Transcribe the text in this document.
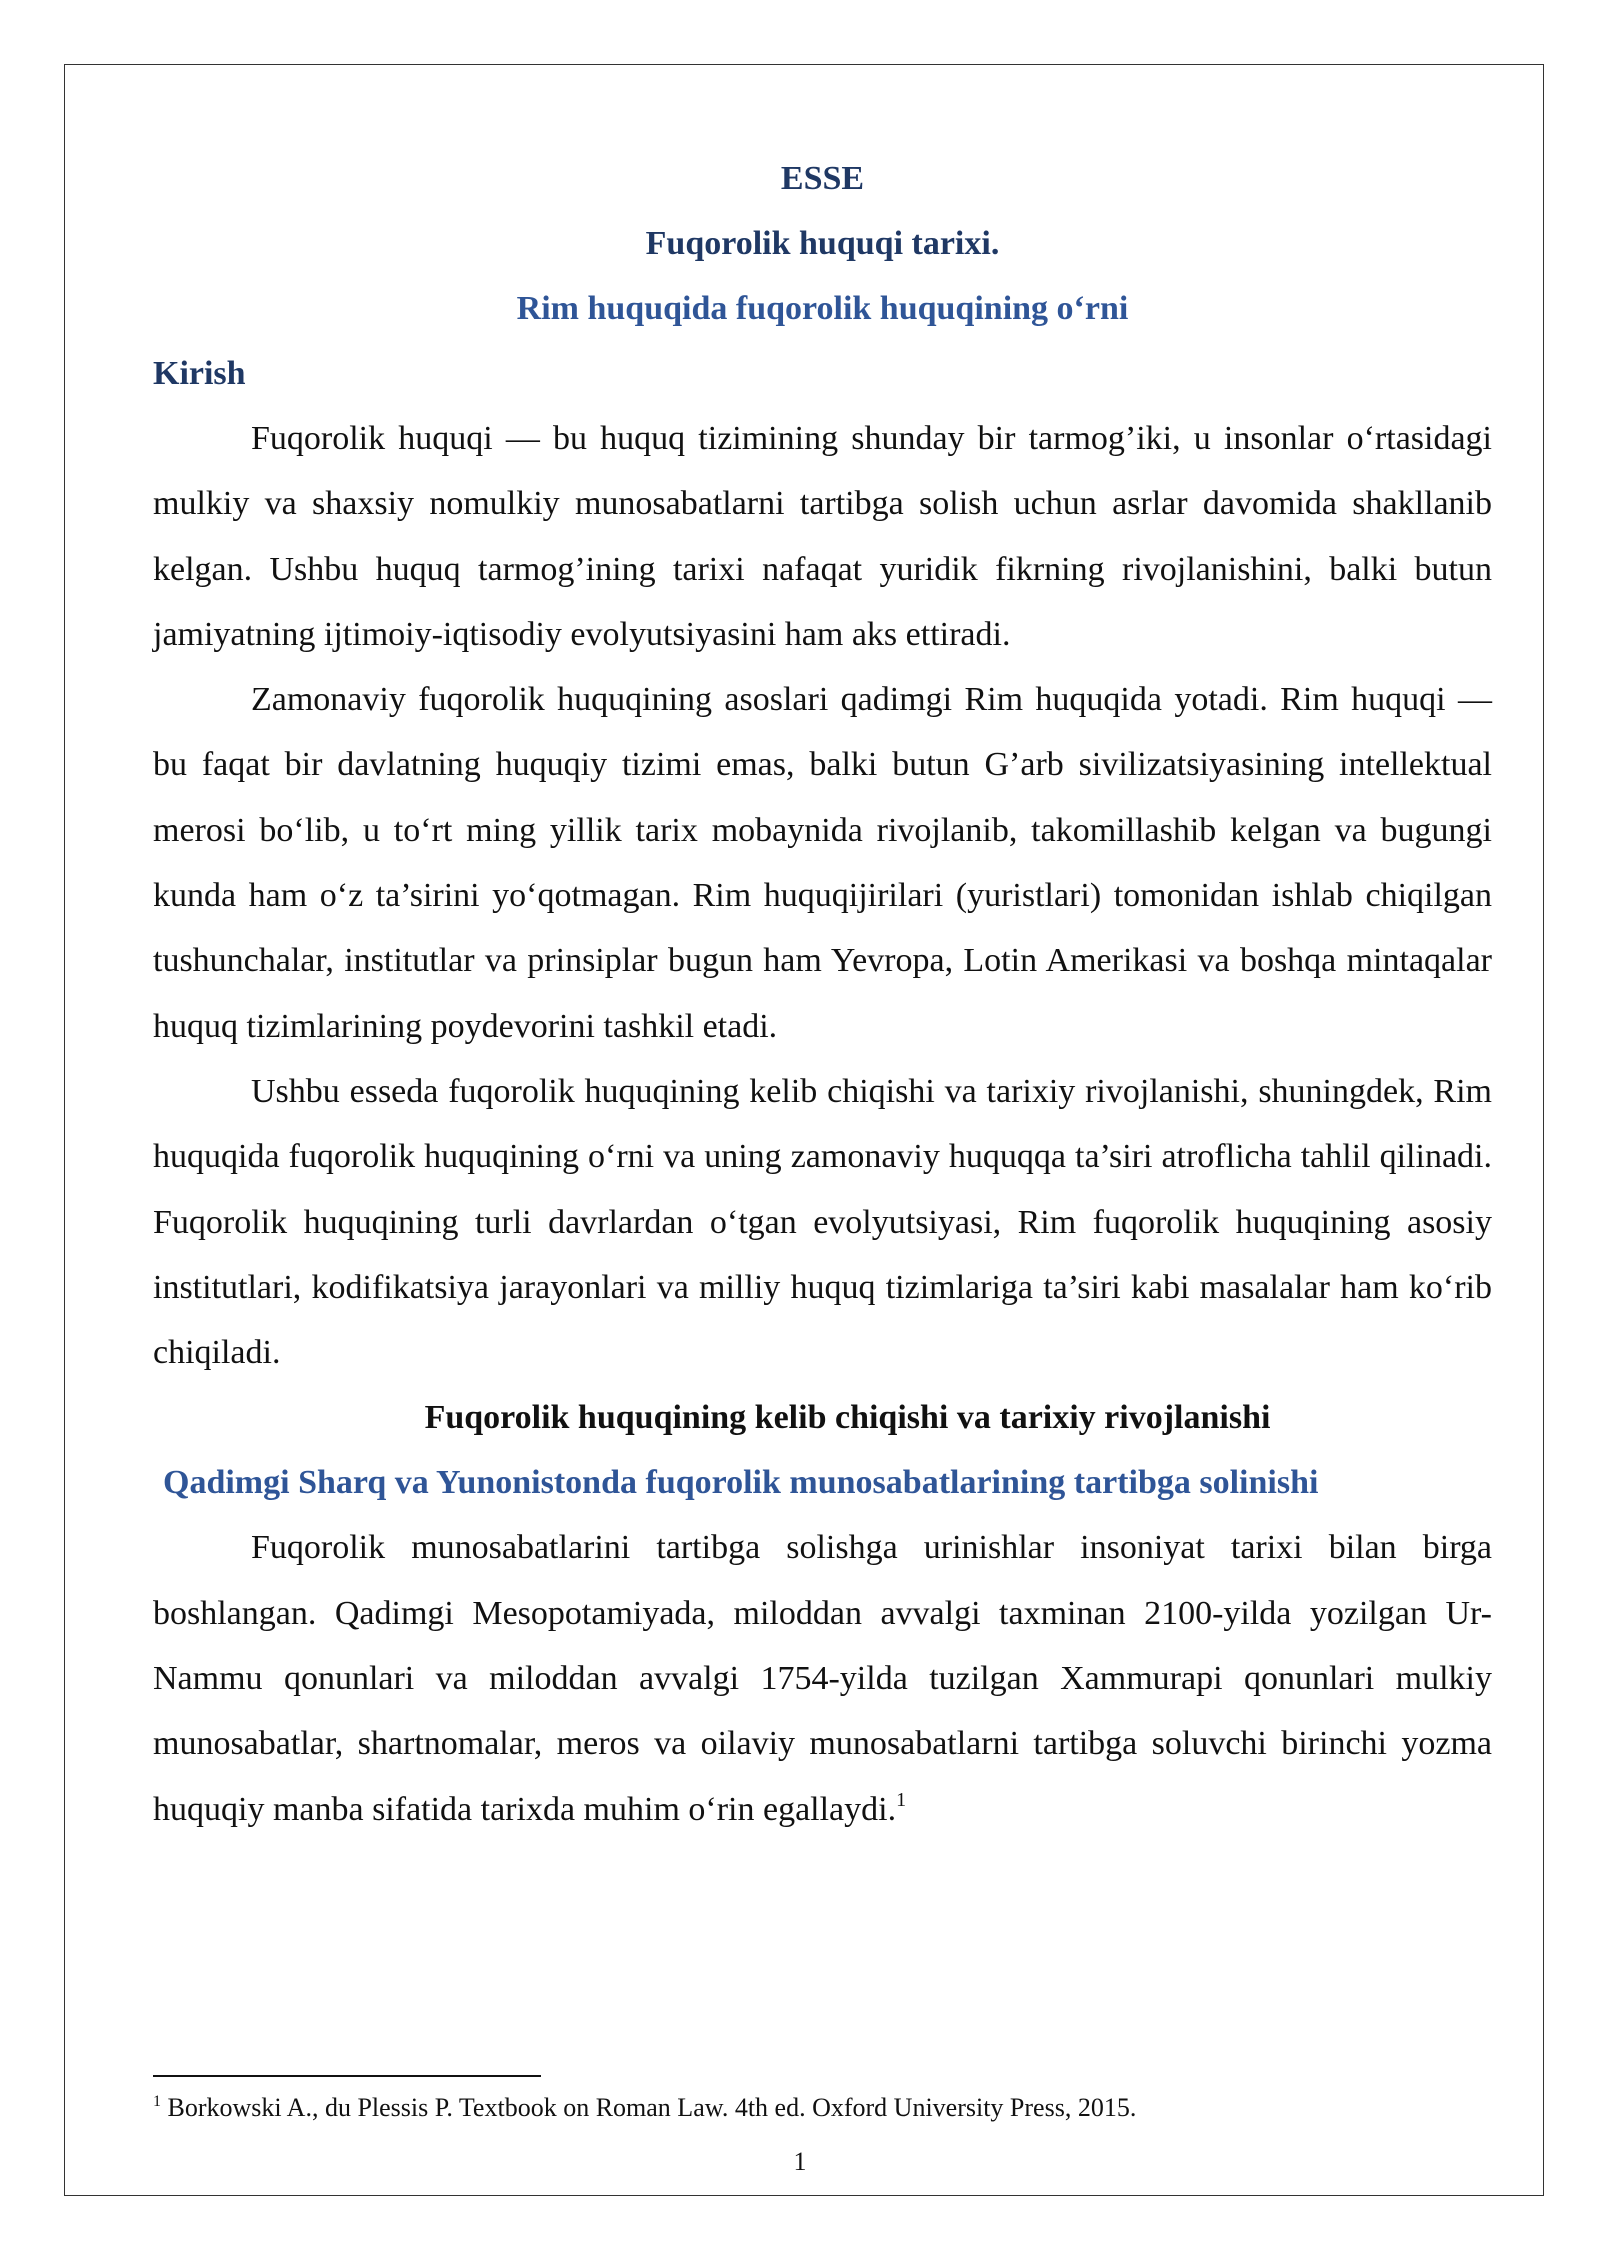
ESSE

Fuqorolik huquqi tarixi.

Rim huquqida fuqorolik huquqining o‘rni

Kirish

Fuqorolik huquqi — bu huquq tizimining shunday bir tarmog’iki, u insonlar o‘rtasidagi mulkiy va shaxsiy nomulkiy munosabatlarni tartibga solish uchun asrlar davomida shakllanib kelgan. Ushbu huquq tarmog’ining tarixi nafaqat yuridik fikrning rivojlanishini, balki butun jamiyatning ijtimoiy-iqtisodiy evolyutsiyasini ham aks ettiradi.

Zamonaviy fuqorolik huquqining asoslari qadimgi Rim huquqida yotadi. Rim huquqi — bu faqat bir davlatning huquqiy tizimi emas, balki butun G’arb sivilizatsiyasining intellektual merosi bo‘lib, u to‘rt ming yillik tarix mobaynida rivojlanib, takomillashib kelgan va bugungi kunda ham o‘z ta’sirini yo‘qotmagan. Rim huquqijirilari (yuristlari) tomonidan ishlab chiqilgan tushunchalar, institutlar va prinsiplar bugun ham Yevropa, Lotin Amerikasi va boshqa mintaqalar huquq tizimlarining poydevorini tashkil etadi.

Ushbu esseda fuqorolik huquqining kelib chiqishi va tarixiy rivojlanishi, shuningdek, Rim huquqida fuqorolik huquqining o‘rni va uning zamonaviy huquqqa ta’siri atroflicha tahlil qilinadi. Fuqorolik huquqining turli davrlardan o‘tgan evolyutsiyasi, Rim fuqorolik huquqining asosiy institutlari, kodifikatsiya jarayonlari va milliy huquq tizimlariga ta’siri kabi masalalar ham ko‘rib chiqiladi.

Fuqorolik huquqining kelib chiqishi va tarixiy rivojlanishi

Qadimgi Sharq va Yunonistonda fuqorolik munosabatlarining tartibga solinishi

Fuqorolik munosabatlarini tartibga solishga urinishlar insoniyat tarixi bilan birga boshlangan. Qadimgi Mesopotamiyada, miloddan avvalgi taxminan 2100-yilda yozilgan Ur-Nammu qonunlari va miloddan avvalgi 1754-yilda tuzilgan Xammurapi qonunlari mulkiy munosabatlar, shartnomalar, meros va oilaviy munosabatlarni tartibga soluvchi birinchi yozma huquqiy manba sifatida tarixda muhim o‘rin egallaydi.$^1$

$^1$ Borkowski A., du Plessis P. Textbook on Roman Law. 4th ed. Oxford University Press, 2015.
1
